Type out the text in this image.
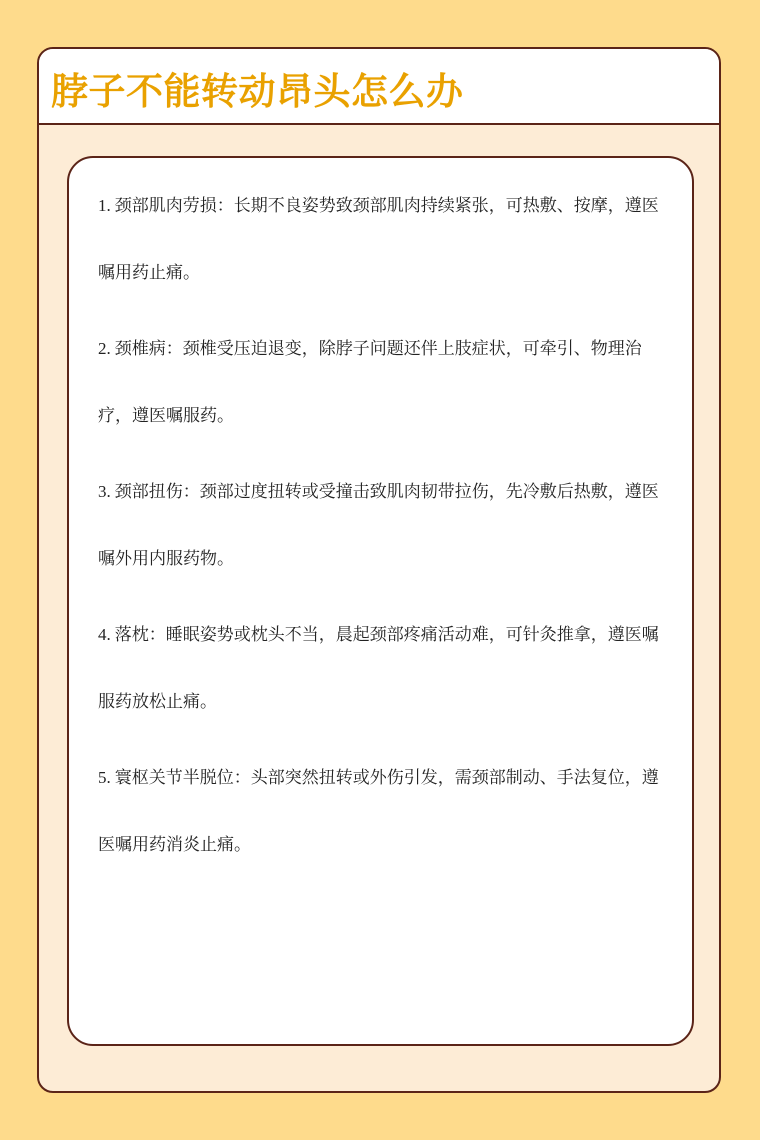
脖子不能转动昂头怎么办

1. 颈部肌肉劳损：长期不良姿势致颈部肌肉持续紧张，可热敷、按摩，遵医嘱用药止痛。

2. 颈椎病：颈椎受压迫退变，除脖子问题还伴上肢症状，可牵引、物理治疗，遵医嘱服药。

3. 颈部扭伤：颈部过度扭转或受撞击致肌肉韧带拉伤，先冷敷后热敷，遵医嘱外用内服药物。

4. 落枕：睡眠姿势或枕头不当，晨起颈部疼痛活动难，可针灸推拿，遵医嘱服药放松止痛。

5. 寰枢关节半脱位：头部突然扭转或外伤引发，需颈部制动、手法复位，遵医嘱用药消炎止痛。
